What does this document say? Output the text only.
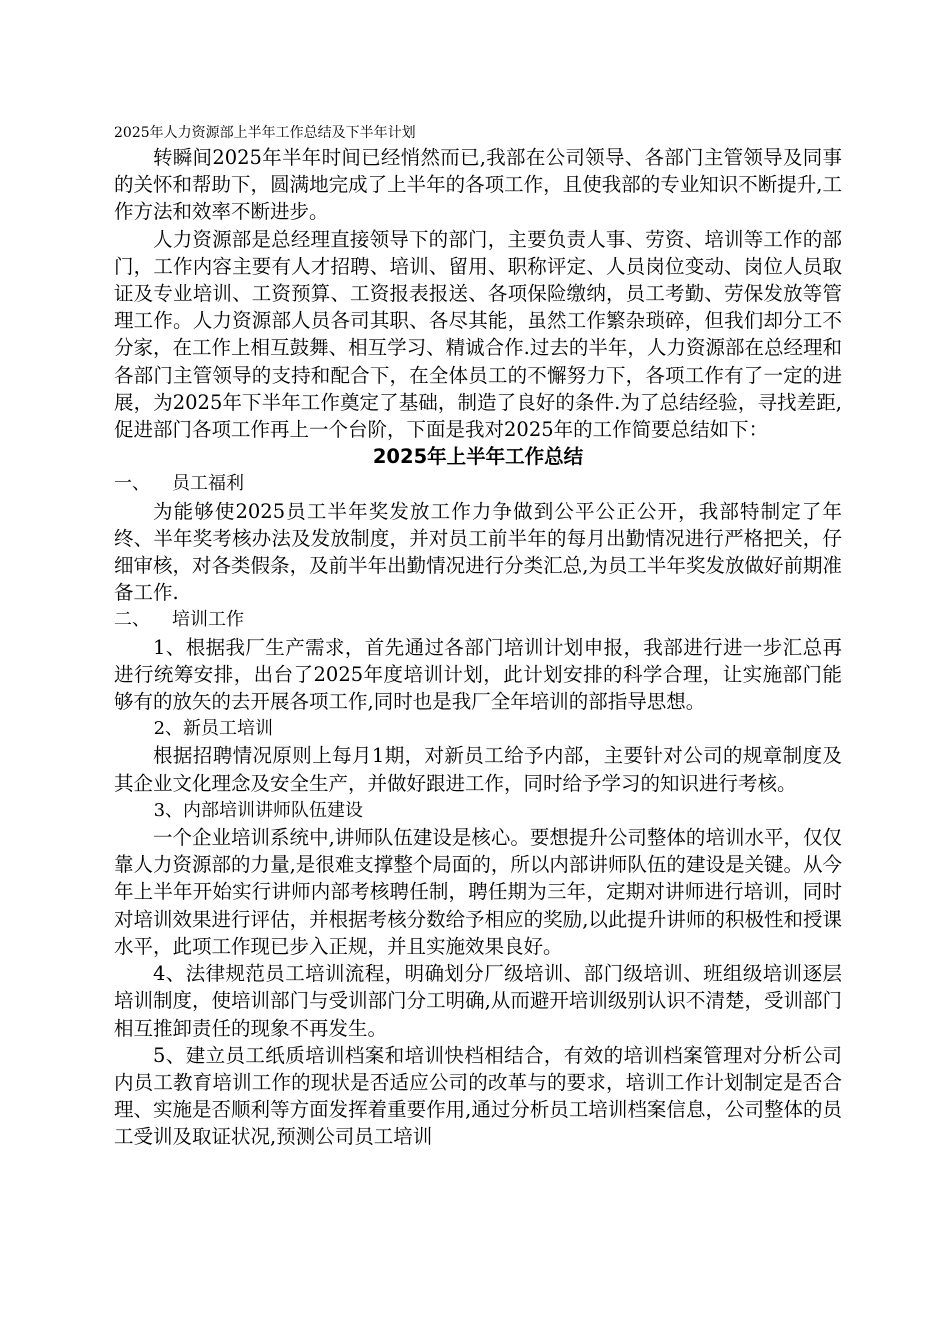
2025年人力资源部上半年工作总结及下半年计划

转瞬间2025年半年时间已经悄然而已,我部在公司领导、各部门主管领导及同事的关怀和帮助下，圆满地完成了上半年的各项工作，且使我部的专业知识不断提升,工作方法和效率不断进步。

人力资源部是总经理直接领导下的部门，主要负责人事、劳资、培训等工作的部门，工作内容主要有人才招聘、培训、留用、职称评定、人员岗位变动、岗位人员取证及专业培训、工资预算、工资报表报送、各项保险缴纳，员工考勤、劳保发放等管理工作。人力资源部人员各司其职、各尽其能，虽然工作繁杂琐碎，但我们却分工不分家，在工作上相互鼓舞、相互学习、精诚合作.过去的半年，人力资源部在总经理和各部门主管领导的支持和配合下，在全体员工的不懈努力下，各项工作有了一定的进展，为2025年下半年工作奠定了基础，制造了良好的条件.为了总结经验，寻找差距,促进部门各项工作再上一个台阶，下面是我对2025年的工作简要总结如下：

2025年上半年工作总结

一、 员工福利

为能够使2025员工半年奖发放工作力争做到公平公正公开，我部特制定了年终、半年奖考核办法及发放制度，并对员工前半年的每月出勤情况进行严格把关，仔细审核，对各类假条，及前半年出勤情况进行分类汇总,为员工半年奖发放做好前期准备工作.

二、 培训工作

1、根据我厂生产需求，首先通过各部门培训计划申报，我部进行进一步汇总再进行统筹安排，出台了2025年度培训计划，此计划安排的科学合理，让实施部门能够有的放矢的去开展各项工作,同时也是我厂全年培训的部指导思想。

2、新员工培训

根据招聘情况原则上每月1期，对新员工给予内部，主要针对公司的规章制度及其企业文化理念及安全生产，并做好跟进工作，同时给予学习的知识进行考核。

3、内部培训讲师队伍建设

一个企业培训系统中,讲师队伍建设是核心。要想提升公司整体的培训水平，仅仅靠人力资源部的力量,是很难支撑整个局面的，所以内部讲师队伍的建设是关键。从今年上半年开始实行讲师内部考核聘任制，聘任期为三年，定期对讲师进行培训，同时对培训效果进行评估，并根据考核分数给予相应的奖励,以此提升讲师的积极性和授课水平，此项工作现已步入正规，并且实施效果良好。

4、法律规范员工培训流程，明确划分厂级培训、部门级培训、班组级培训逐层培训制度，使培训部门与受训部门分工明确,从而避开培训级别认识不清楚，受训部门相互推卸责任的现象不再发生。

5、建立员工纸质培训档案和培训快档相结合，有效的培训档案管理对分析公司内员工教育培训工作的现状是否适应公司的改革与的要求，培训工作计划制定是否合理、实施是否顺利等方面发挥着重要作用,通过分析员工培训档案信息，公司整体的员工受训及取证状况,预测公司员工培训
